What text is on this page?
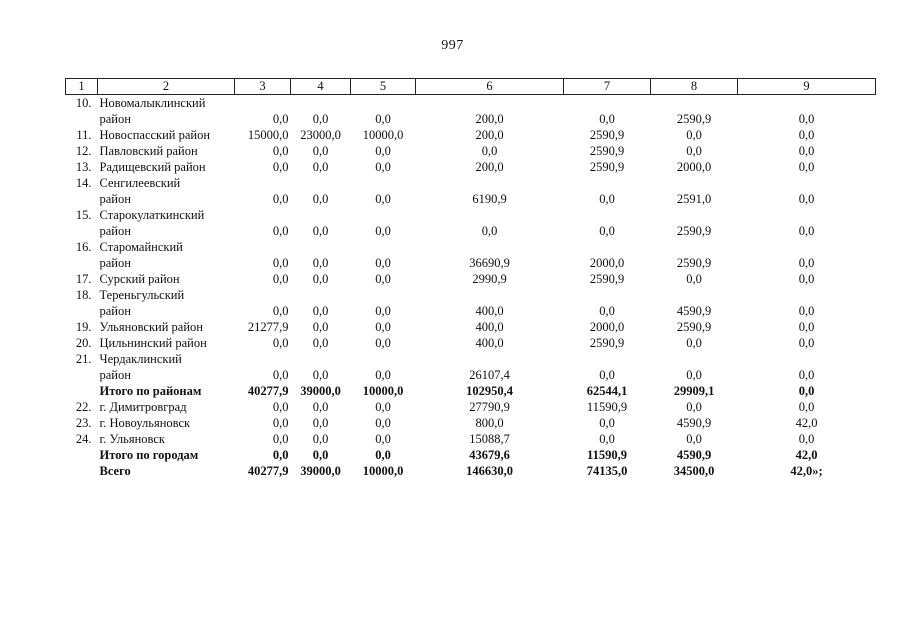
997
1	2	3	4	5	6	7	8	9
10.	Новомалыклинский							
	район	0,0	0,0	0,0	200,0	0,0	2590,9	0,0
11.	Новоспасский район	15000,0	23000,0	10000,0	200,0	2590,9	0,0	0,0
12.	Павловский район	0,0	0,0	0,0	0,0	2590,9	0,0	0,0
13.	Радищевский район	0,0	0,0	0,0	200,0	2590,9	2000,0	0,0
14.	Сенгилеевский							
	район	0,0	0,0	0,0	6190,9	0,0	2591,0	0,0
15.	Старокулаткинский							
	район	0,0	0,0	0,0	0,0	0,0	2590,9	0,0
16.	Старомайнский							
	район	0,0	0,0	0,0	36690,9	2000,0	2590,9	0,0
17.	Сурский район	0,0	0,0	0,0	2990,9	2590,9	0,0	0,0
18.	Тереньгульский							
	район	0,0	0,0	0,0	400,0	0,0	4590,9	0,0
19.	Ульяновский район	21277,9	0,0	0,0	400,0	2000,0	2590,9	0,0
20.	Цильнинский район	0,0	0,0	0,0	400,0	2590,9	0,0	0,0
21.	Чердаклинский							
	район	0,0	0,0	0,0	26107,4	0,0	0,0	0,0
	Итого по районам	40277,9	39000,0	10000,0	102950,4	62544,1	29909,1	0,0
22.	г. Димитровград	0,0	0,0	0,0	27790,9	11590,9	0,0	0,0
23.	г. Новоульяновск	0,0	0,0	0,0	800,0	0,0	4590,9	42,0
24.	г. Ульяновск	0,0	0,0	0,0	15088,7	0,0	0,0	0,0
	Итого по городам	0,0	0,0	0,0	43679,6	11590,9	4590,9	42,0
	Всего	40277,9	39000,0	10000,0	146630,0	74135,0	34500,0	42,0»;
